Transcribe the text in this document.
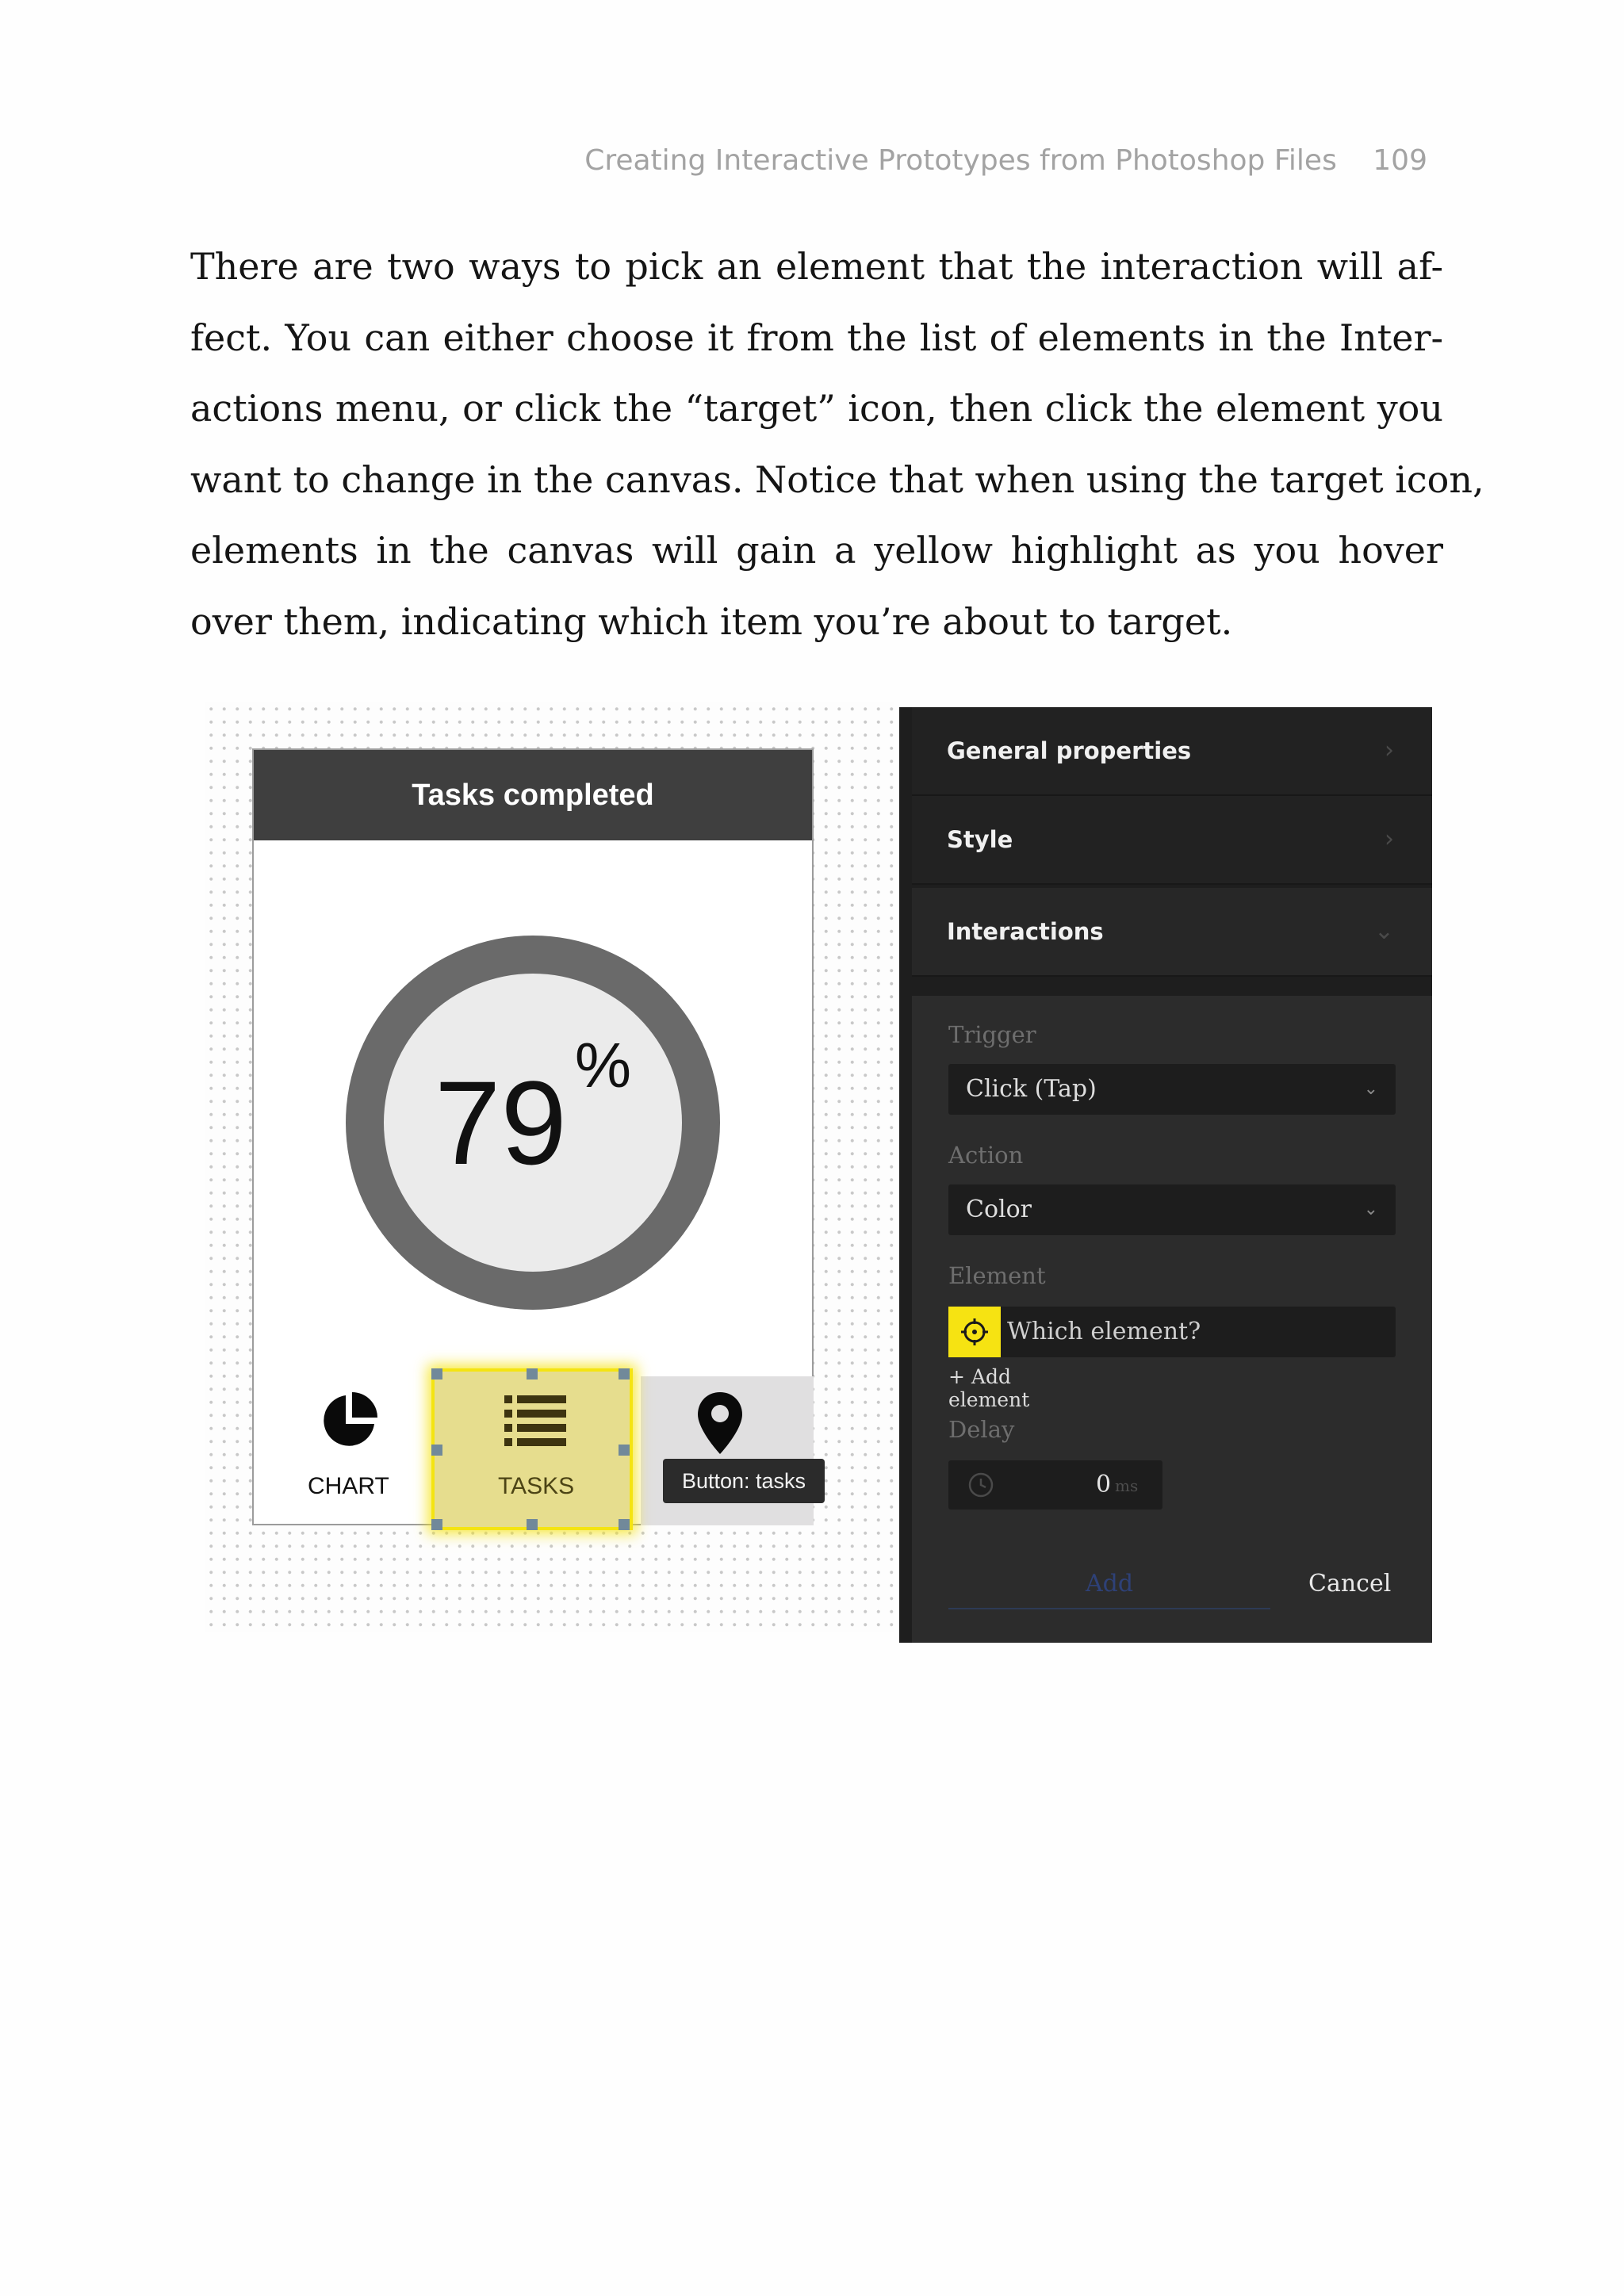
Creating Interactive Prototypes from Photoshop Files 109

There are two ways to pick an element that the interaction will af-
fect. You can either choose it from the list of elements in the Inter-
actions menu, or click the “target” icon, then click the element you
want to change in the canvas. Notice that when using the target icon,
elements in the canvas will gain a yellow highlight as you hover
over them, indicating which item you’re about to target.

Tasks completed
79 %
CHART	TASKS	Button: tasks
General properties	›
Style	›
Interactions	⌄
Trigger
Click (Tap)	⌄
Action
Color	⌄
Element
Which element?
+ Add element
Delay
0 ms
Add	Cancel
